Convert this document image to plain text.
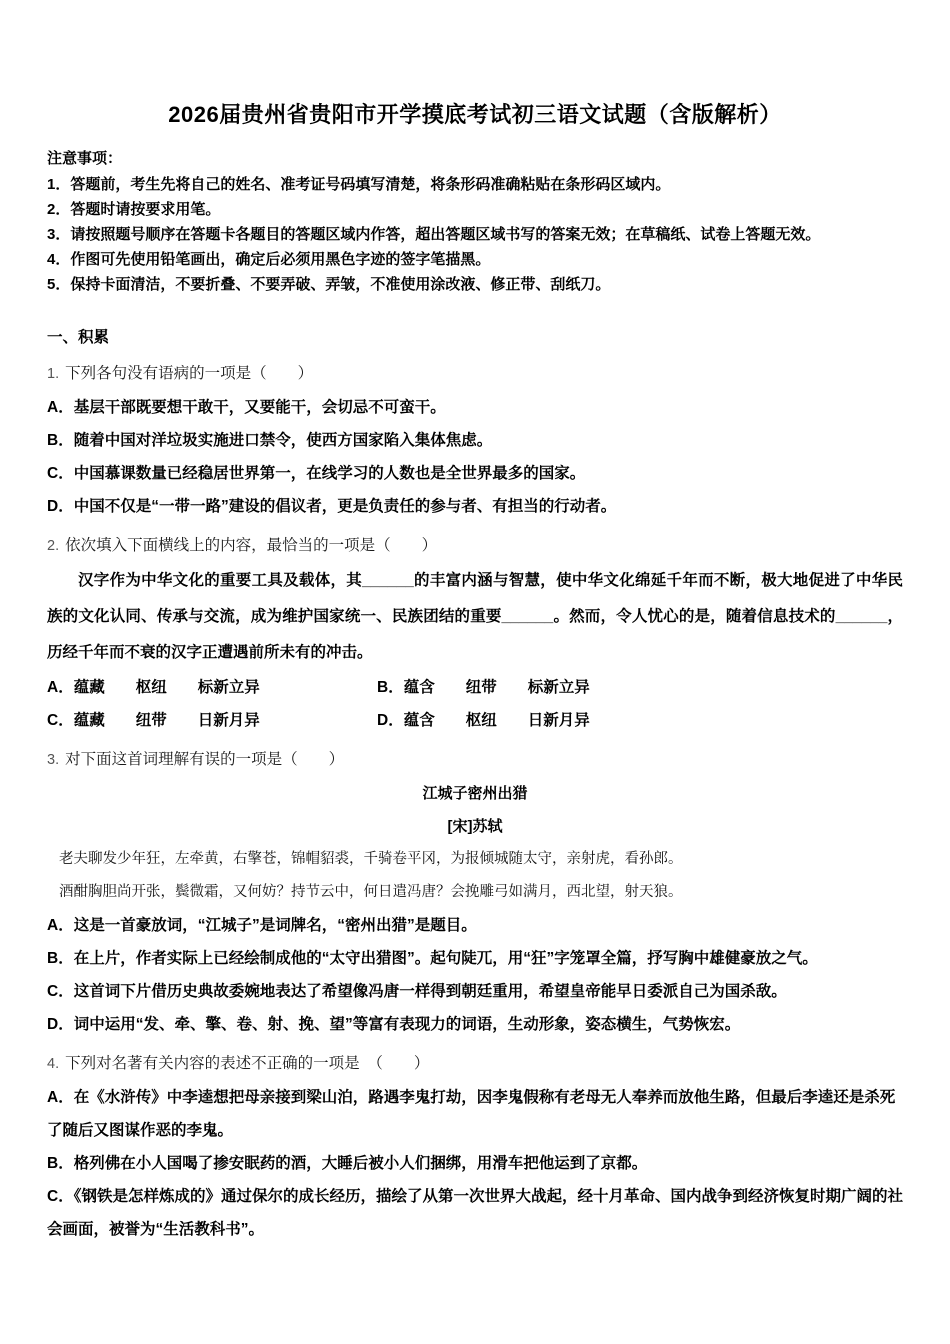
2026届贵州省贵阳市开学摸底考试初三语文试题（含版解析）

注意事项：

1．答题前，考生先将自己的姓名、准考证号码填写清楚，将条形码准确粘贴在条形码区域内。

2．答题时请按要求用笔。

3．请按照题号顺序在答题卡各题目的答题区域内作答，超出答题区域书写的答案无效；在草稿纸、试卷上答题无效。

4．作图可先使用铅笔画出，确定后必须用黑色字迹的签字笔描黑。

5．保持卡面清洁，不要折叠、不要弄破、弄皱，不准使用涂改液、修正带、刮纸刀。

一、积累

1. 下列各句没有语病的一项是（　　）

A．基层干部既要想干敢干，又要能干，会切忌不可蛮干。

B．随着中国对洋垃圾实施进口禁令，使西方国家陷入集体焦虑。

C．中国慕课数量已经稳居世界第一，在线学习的人数也是全世界最多的国家。

D．中国不仅是“一带一路”建设的倡议者，更是负责任的参与者、有担当的行动者。

2. 依次填入下面横线上的内容，最恰当的一项是（　　）

汉字作为中华文化的重要工具及载体，其______的丰富内涵与智慧，使中华文化绵延千年而不断，极大地促进了中华民族的文化认同、传承与交流，成为维护国家统一、民族团结的重要______。然而，令人忧心的是，随着信息技术的______，历经千年而不衰的汉字正遭遇前所未有的冲击。

A．蕴藏　　枢纽　　标新立异	B．蕴含　　纽带　　标新立异

C．蕴藏　　纽带　　日新月异	D．蕴含　　枢纽　　日新月异

3. 对下面这首词理解有误的一项是（　　）

江城子密州出猎

[宋]苏轼

老夫聊发少年狂，左牵黄，右擎苍，锦帽貂裘，千骑卷平冈，为报倾城随太守，亲射虎，看孙郎。

酒酣胸胆尚开张，鬓微霜，又何妨？持节云中，何日遣冯唐？会挽雕弓如满月，西北望，射天狼。

A．这是一首豪放词，“江城子”是词牌名，“密州出猎”是题目。

B．在上片，作者实际上已经绘制成他的“太守出猎图”。起句陡兀，用“狂”字笼罩全篇，抒写胸中雄健豪放之气。

C．这首词下片借历史典故委婉地表达了希望像冯唐一样得到朝廷重用，希望皇帝能早日委派自己为国杀敌。

D．词中运用“发、牵、擎、卷、射、挽、望”等富有表现力的词语，生动形象，姿态横生，气势恢宏。

4. 下列对名著有关内容的表述不正确的一项是　（　　）

A．在《水浒传》中李逵想把母亲接到梁山泊，路遇李鬼打劫，因李鬼假称有老母无人奉养而放他生路，但最后李逵还是杀死了随后又图谋作恶的李鬼。

B．格列佛在小人国喝了掺安眠药的酒，大睡后被小人们捆绑，用滑车把他运到了京都。

C．《钢铁是怎样炼成的》通过保尔的成长经历，描绘了从第一次世界大战起，经十月革命、国内战争到经济恢复时期广阔的社会画面，被誉为“生活教科书”。
